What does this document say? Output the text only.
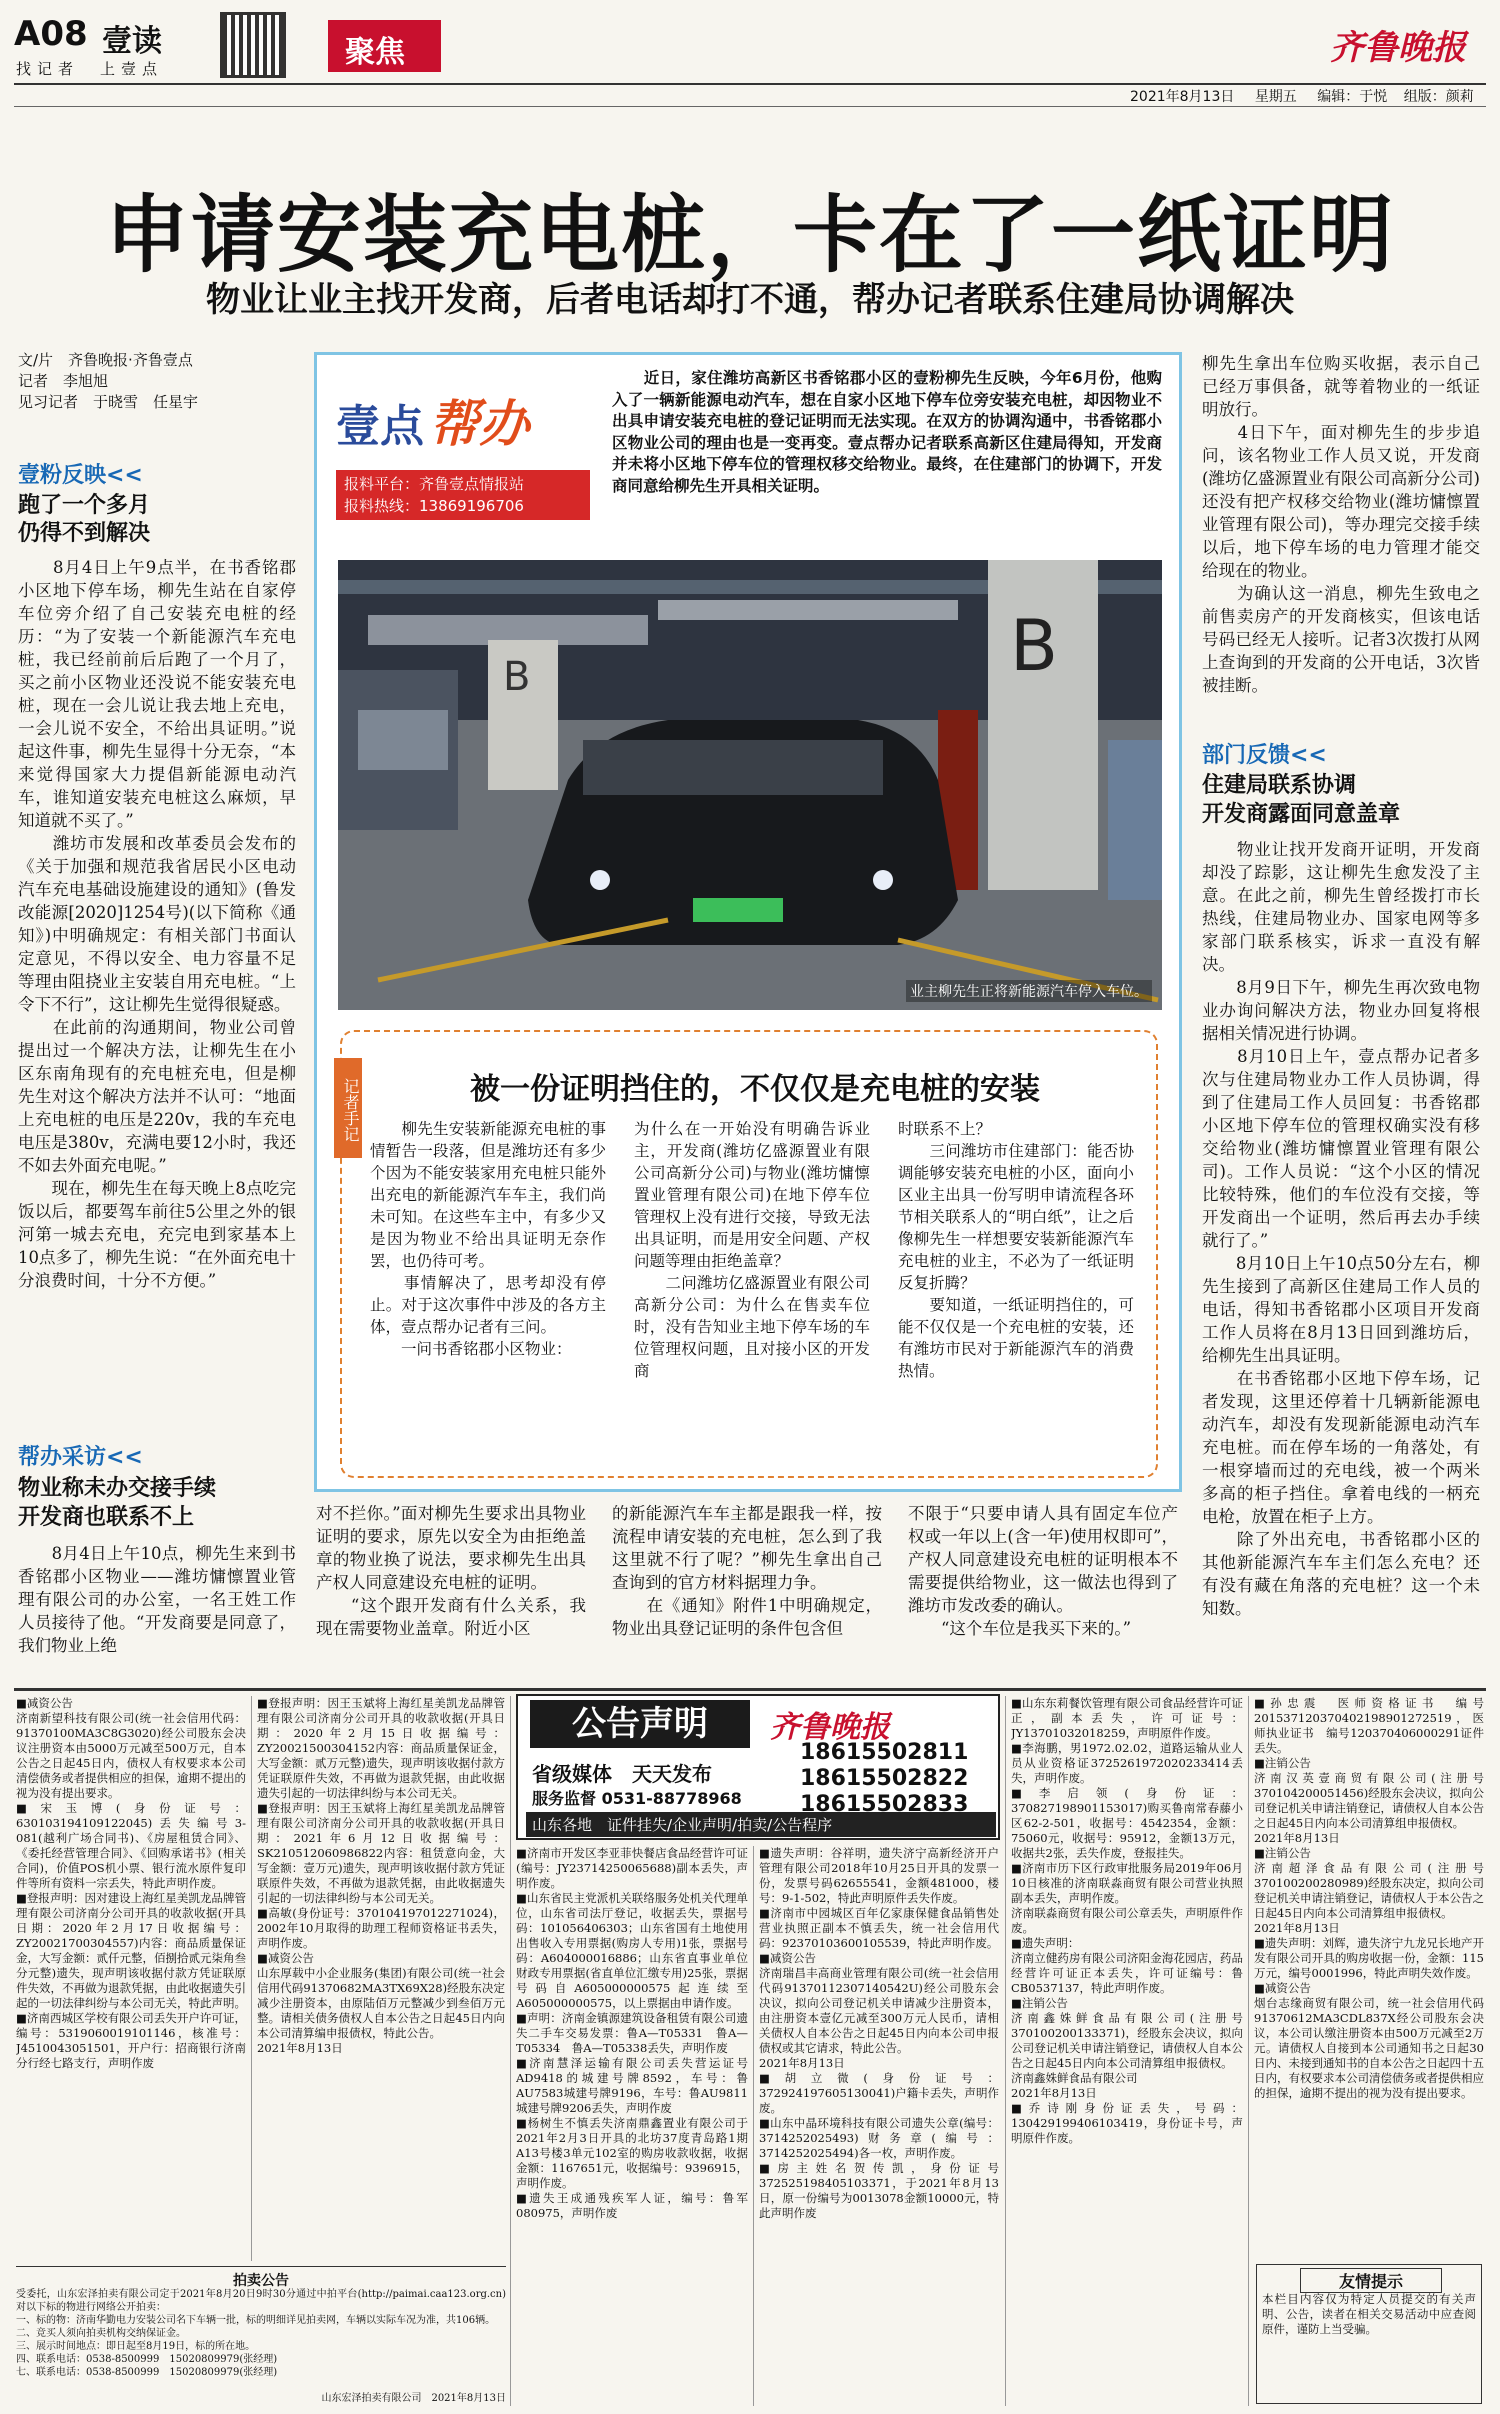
A08 壹读
找记者 上壹点	聚焦	齐鲁晚报
2021年8月13日 星期五 编辑：于悦 组版：颜莉
申请安装充电桩，卡在了一纸证明
物业让业主找开发商，后者电话却打不通，帮办记者联系住建局协调解决
文/片　齐鲁晚报·齐鲁壹点
记者　李旭旭
见习记者　于晓雪　任星宇
壹粉反映<<
跑了一个多月
仍得不到解决
　　8月4日上午9点半，在书香铭郡小区地下停车场，柳先生站在自家停车位旁介绍了自己安装充电桩的经历：“为了安装一个新能源汽车充电桩，我已经前前后后跑了一个月了，买之前小区物业还没说不能安装充电桩，现在一会儿说让我去地上充电，一会儿说不安全，不给出具证明。”说起这件事，柳先生显得十分无奈，“本来觉得国家大力提倡新能源电动汽车，谁知道安装充电桩这么麻烦，早知道就不买了。”
　　潍坊市发展和改革委员会发布的《关于加强和规范我省居民小区电动汽车充电基础设施建设的通知》(鲁发改能源[2020]1254号)(以下简称《通知》)中明确规定：有相关部门书面认定意见，不得以安全、电力容量不足等理由阻挠业主安装自用充电桩。“上令下不行”，这让柳先生觉得很疑惑。
　　在此前的沟通期间，物业公司曾提出过一个解决方法，让柳先生在小区东南角现有的充电桩充电，但是柳先生对这个解决方法并不认可：“地面上充电桩的电压是220v，我的车充电电压是380v，充满电要12小时，我还不如去外面充电呢。”
　　现在，柳先生在每天晚上8点吃完饭以后，都要驾车前往5公里之外的银河第一城去充电，充完电到家基本上10点多了，柳先生说：“在外面充电十分浪费时间，十分不方便。”
帮办采访<<
物业称未办交接手续
开发商也联系不上
　　8月4日上午10点，柳先生来到书香铭郡小区物业——潍坊慵懔置业管理有限公司的办公室，一名王姓工作人员接待了他。“开发商要是同意了，我们物业上绝
壹点 帮办
报料平台：齐鲁壹点情报站
报料热线：13869196706
　　近日，家住潍坊高新区书香铭郡小区的壹粉柳先生反映，今年6月份，他购入了一辆新能源电动汽车，想在自家小区地下停车位旁安装充电桩，却因物业不出具申请安装充电桩的登记证明而无法实现。在双方的协调沟通中，书香铭郡小区物业公司的理由也是一变再变。壹点帮办记者联系高新区住建局得知，开发商并未将小区地下停车位的管理权移交给物业。最终，在住建部门的协调下，开发商同意给柳先生开具相关证明。
B	B
业主柳先生正将新能源汽车停入车位。
记者手记	被一份证明挡住的，不仅仅是充电桩的安装
　　柳先生安装新能源充电桩的事情暂告一段落，但是潍坊还有多少个因为不能安装家用充电桩只能外出充电的新能源汽车车主，我们尚未可知。在这些车主中，有多少又是因为物业不给出具证明无奈作罢，也仍待可考。
　　事情解决了，思考却没有停止。对于这次事件中涉及的各方主体，壹点帮办记者有三问。
　　一问书香铭郡小区物业：
为什么在一开始没有明确告诉业主，开发商(潍坊亿盛源置业有限公司高新分公司)与物业(潍坊慵懔置业管理有限公司)在地下停车位管理权上没有进行交接，导致无法出具证明，而是用安全问题、产权问题等理由拒绝盖章？
　　二问潍坊亿盛源置业有限公司高新分公司：为什么在售卖车位时，没有告知业主地下停车场的车位管理权问题，且对接小区的开发商
时联系不上？
　　三问潍坊市住建部门：能否协调能够安装充电桩的小区，面向小区业主出具一份写明申请流程各环节相关联系人的“明白纸”，让之后像柳先生一样想要安装新能源汽车充电桩的业主，不必为了一纸证明反复折腾？
　　要知道，一纸证明挡住的，可能不仅仅是一个充电桩的安装，还有潍坊市民对于新能源汽车的消费热情。
对不拦你。”面对柳先生要求出具物业证明的要求，原先以安全为由拒绝盖章的物业换了说法，要求柳先生出具产权人同意建设充电桩的证明。
　　“这个跟开发商有什么关系，我现在需要物业盖章。附近小区
的新能源汽车车主都是跟我一样，按流程申请安装的充电桩，怎么到了我这里就不行了呢？”柳先生拿出自己查询到的官方材料据理力争。
　　在《通知》附件1中明确规定，物业出具登记证明的条件包含但
不限于“只要申请人具有固定车位产权或一年以上(含一年)使用权即可”，产权人同意建设充电桩的证明根本不需要提供给物业，这一做法也得到了潍坊市发改委的确认。
　　“这个车位是我买下来的。”
柳先生拿出车位购买收据，表示自己已经万事俱备，就等着物业的一纸证明放行。
　　4日下午，面对柳先生的步步追问，该名物业工作人员又说，开发商(潍坊亿盛源置业有限公司高新分公司)还没有把产权移交给物业(潍坊慵懔置业管理有限公司)，等办理完交接手续以后，地下停车场的电力管理才能交给现在的物业。
　　为确认这一消息，柳先生致电之前售卖房产的开发商核实，但该电话号码已经无人接听。记者3次拨打从网上查询到的开发商的公开电话，3次皆被挂断。
部门反馈<<
住建局联系协调
开发商露面同意盖章
　　物业让找开发商开证明，开发商却没了踪影，这让柳先生愈发没了主意。在此之前，柳先生曾经拨打市长热线，住建局物业办、国家电网等多家部门联系核实，诉求一直没有解决。
　　8月9日下午，柳先生再次致电物业办询问解决方法，物业办回复将根据相关情况进行协调。
　　8月10日上午，壹点帮办记者多次与住建局物业办工作人员协调，得到了住建局工作人员回复：书香铭郡小区地下停车位的管理权确实没有移交给物业(潍坊慵懔置业管理有限公司)。工作人员说：“这个小区的情况比较特殊，他们的车位没有交接，等开发商出一个证明，然后再去办手续就行了。”
　　8月10日上午10点50分左右，柳先生接到了高新区住建局工作人员的电话，得知书香铭郡小区项目开发商工作人员将在8月13日回到潍坊后，给柳先生出具证明。
　　在书香铭郡小区地下停车场，记者发现，这里还停着十几辆新能源电动汽车，却没有发现新能源电动汽车充电桩。而在停车场的一角落处，有一根穿墙而过的充电线，被一个两米多高的柜子挡住。拿着电线的一柄充电枪，放置在柜子上方。
　　除了外出充电，书香铭郡小区的其他新能源汽车车主们怎么充电？还有没有藏在角落的充电桩？这一个未知数。
■减资公告
济南新望科技有限公司(统一社会信用代码：91370100MA3C8G3020)经公司股东会决议注册资本由5000万元减至500万元，自本公告之日起45日内，债权人有权要求本公司清偿债务或者提供相应的担保，逾期不提出的视为没有提出要求。
■宋玉博(身份证号：630103194109122045)丢失编号3-081(越利广场合同书)、《房屋租赁合同》、《委托经营管理合同》、《回购承诺书》(相关合同)，价值POS机小票、银行流水原件复印件等所有资料一宗丢失，特此声明作废。
■登报声明：因对建设上海红星美凯龙品牌管理有限公司济南分公司开具的收款收据(开具日期：2020年2月17日收据编号：ZY20021700304557)内容：商品质量保证金，大写金额：贰仟元整，佰捌拾贰元柒角叁分元整)遗失，现声明该收据付款方凭证联原件失效，不再做为退款凭据，由此收据遗失引起的一切法律纠纷与本公司无关，特此声明。
■济南西城区学校有限公司丢失开户许可证，编号：5319060019101146，核准号：J4510043051501，开户行：招商银行济南分行经七路支行，声明作废
■登报声明：因王玉斌将上海红星美凯龙品牌管理有限公司济南分公司开具的收款收据(开具日期：2020年2月15日收据编号：ZY20021500304152内容：商品质量保证金，大写金额：贰万元整)遗失，现声明该收据付款方凭证联原件失效，不再做为退款凭据，由此收据遗失引起的一切法律纠纷与本公司无关。
■登报声明：因王玉斌将上海红星美凯龙品牌管理有限公司济南分公司开具的收款收据(开具日期：2021年6月12日收据编号：SK210512060986822内容：租赁意向金，大写金额：壹万元)遗失，现声明该收据付款方凭证联原件失效，不再做为退款凭据，由此收据遗失引起的一切法律纠纷与本公司无关。
■高敏(身份证号：370104197012271024)，2002年10月取得的助理工程师资格证书丢失，声明作废。
■减资公告
山东厚载中小企业服务(集团)有限公司(统一社会信用代码91370682MA3TX69X28)经股东决定减少注册资本，由原陆佰万元整减少到叁佰万元整。请相关债务债权人自本公告之日起45日内向本公司清算编申报债权，特此公告。
2021年8月13日
公告声明	齐鲁晚报
省级媒体　天天发布
服务监督 0531-88778968
山东各地　证件挂失/企业声明/拍卖/公告程序
18615502811
18615502822
18615502833
■济南市开发区李亚菲快餐店食品经营许可证(编号：JY23714250065688)副本丢失，声明作废。
■山东省民主党派机关联络服务处机关代理单位，山东省司法厅登记，收据丢失，票据号码：101056406303；山东省国有土地使用出售收入专用票据(购房人专用)1张，票据号码：A604000016886；山东省直事业单位财政专用票据(省直单位汇缴专用)25张，票据号码自A605000000575起连续至A605000000575，以上票据由申请作废。
■声明：济南金镇源建筑设备租赁有限公司遗失二手车交易发票：鲁A—T05331　鲁A—T05334　鲁A—T05338丢失，声明作废
■济南慧泽运输有限公司丢失营运证号AD9418的城建号牌8592，车号：鲁AU7583城建号牌9196，车号：鲁AU9811城建号牌9206丢失，声明作废
■杨树生不慎丢失济南鼎鑫置业有限公司于2021年2月3日开具的北坊37度青岛路1期A13号楼3单元102室的购房收款收据，收据金额：1167651元，收据编号：9396915，声明作废。
■遗失王成通残疾军人证，编号：鲁军080975，声明作废
■遗失声明：谷祥明，遗失济宁高新经济开户管理有限公司2018年10月25日开具的发票一份，发票号码62655541，金额481000，楼号：9-1-502，特此声明原件丢失作废。
■济南市中园城区百年亿家康保健食品销售处营业执照正副本不慎丢失，统一社会信用代码：92370103600105539，特此声明作废。
■减资公告
济南瑞昌丰高商业管理有限公司(统一社会信用代码91370112307140542U)经公司股东会决议，拟向公司登记机关申请减少注册资本，由注册资本壹亿元减至300万元人民币，请相关债权人自本公告之日起45日内向本公司申报债权或其它请求，特此公告。
2021年8月13日
■胡立微(身份证号：372924197605130041)户籍卡丢失，声明作废。
■山东中晶环境科技有限公司遗失公章(编号：3714252025493)财务章(编号：3714252025494)各一枚，声明作废。
■房主姓名贺传凯，身份证号372525198405103371，于2021年8月13日，原一份编号为0013078金额10000元，特此声明作废
■山东东莉餐饮管理有限公司食品经营许可证正，副本丢失，许可证号：JY13701032018259，声明原件作废。
■李海鹏，男1972.02.02，道路运输从业人员从业资格证3725261972020233414丢失，声明作废。
■李启领(身份证：370827198901153017)购买鲁南常春藤小区62-2-501，收据号：4542354，金额：75060元，收据号：95912，金额13万元，收据共2张，丢失作废，登报挂失。
■济南市历下区行政审批服务局2019年06月10日核准的济南联淼商贸有限公司营业执照副本丢失，声明作废。
济南联淼商贸有限公司公章丢失，声明原件作废。
■遗失声明：
济南立健药房有限公司济阳金海花园店，药品经营许可证正本丢失，许可证编号：鲁CB0537137，特此声明作废。
■注销公告
济南鑫姝鲜食品有限公司(注册号370100200133371)，经股东会决议，拟向公司登记机关申请注销登记，请债权人自本公告之日起45日内向本公司清算组申报债权。
济南鑫姝鲜食品有限公司
2021年8月13日
■乔诗刚身份证丢失，号码：130429199406103419，身份证卡号，声明原件作废。
■孙忠震　医师资格证书　编号201537120370402198901272519，医师执业证书　编号120370406000291证件丢失。
■注销公告
济南汉英壹商贸有限公司(注册号370104200051456)经股东会决议，拟向公司登记机关申请注销登记，请债权人自本公告之日起45日内向本公司清算组申报债权。
2021年8月13日
■注销公告
济南超泽食品有限公司(注册号370100200280989)经股东决定，拟向公司登记机关申请注销登记，请债权人于本公告之日起45日内向本公司清算组申报债权。
2021年8月13日
■遗失声明：刘辉，遗失济宁九龙兄长地产开发有限公司开具的购房收据一份，金额：115万元，编号0001996，特此声明失效作废。
■减资公告
烟台志缘商贸有限公司，统一社会信用代码91370612MA3CDL837X经公司股东会决议，本公司认缴注册资本由500万元减至2万元。请债权人自接到本公司通知书之日起30日内、未接到通知书的自本公告之日起四十五日内，有权要求本公司清偿债务或者提供相应的担保，逾期不提出的视为没有提出要求。
友情提示
本栏目内容仅为特定人员提交的有关声明、公告，读者在相关交易活动中应查阅原件，谨防上当受骗。
拍卖公告
受委托，山东宏泽拍卖有限公司定于2021年8月20日9时30分通过中拍平台(http://paimai.caa123.org.cn)对以下标的物进行网络公开拍卖：
一、标的物：济南华勤电力安装公司名下车辆一批，标的明细详见拍卖网，车辆以实际车况为准，共106辆。
二、竞买人须向拍卖机构交纳保证金。
三、展示时间地点：即日起至8月19日，标的所在地。
四、联系电话：0538-8500999　15020809979(张经理)
七、联系电话：0538-8500999　15020809979(张经理)
山东宏泽拍卖有限公司　2021年8月13日
